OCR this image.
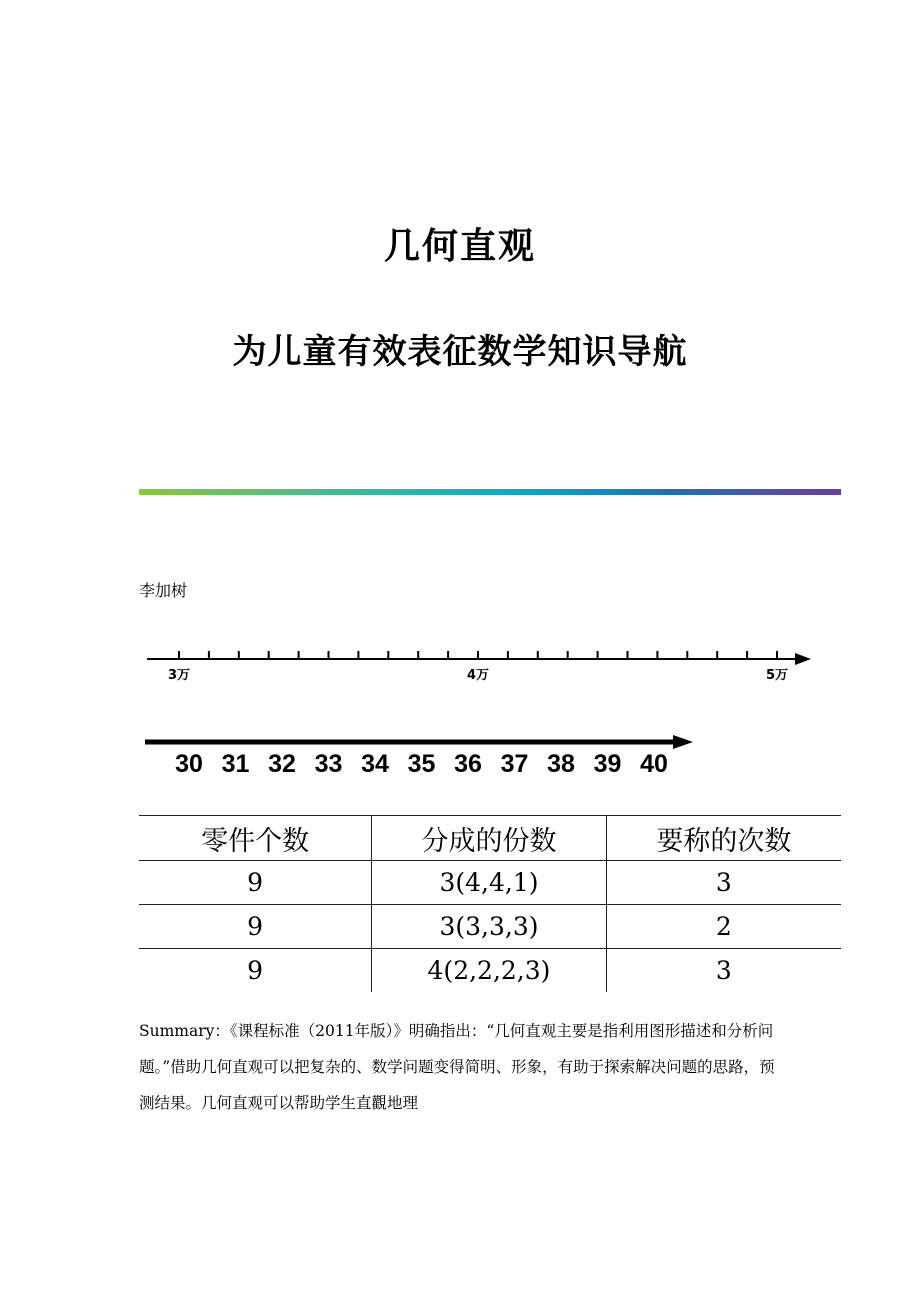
几何直观
为儿童有效表征数学知识导航
李加树
3万	4万	5万
30 31 32 33 34 35 36 37 38 39 40
零件个数	分成的份数	要称的次数
9	3(4,4,1)	3
9	3(3,3,3)	2
9	4(2,2,2,3)	3
Summary：《课程标准（2011年版）》明确指出：“几何直观主要是指利用图形描述和分析问题。”借助几何直观可以把复杂的、数学问题变得简明、形象，有助于探索解决问题的思路，预测结果。几何直观可以帮助学生直觀地理
